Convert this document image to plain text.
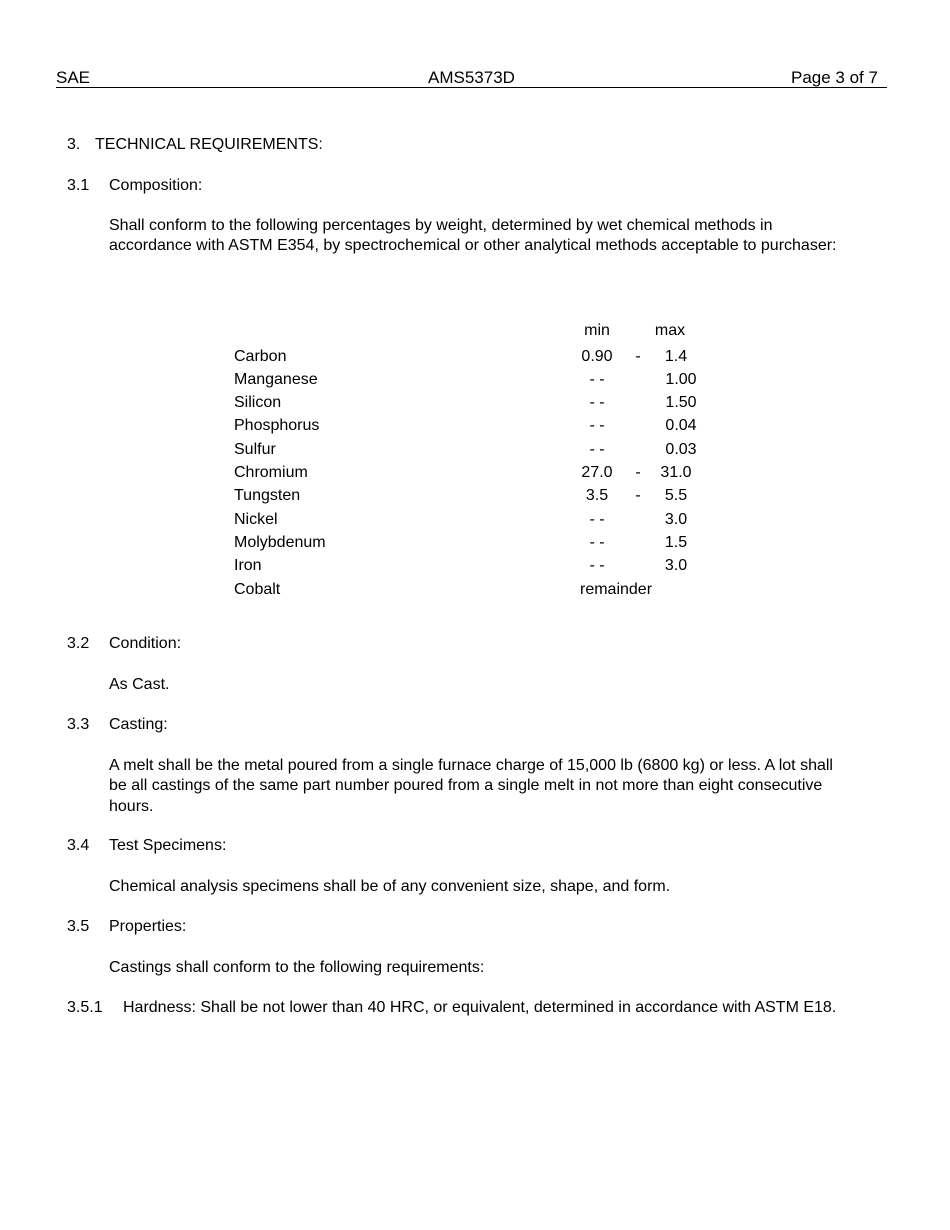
SAE	AMS5373D	Page 3 of 7
3. TECHNICAL REQUIREMENTS:
3.1 Composition:
Shall conform to the following percentages by weight, determined by wet chemical methods in accordance with ASTM E354, by spectrochemical or other analytical methods acceptable to purchaser:
min	max
Carbon	0.90	-	1.4
Manganese	- -	1.00
Silicon	- -	1.50
Phosphorus	- -	0.04
Sulfur	- -	0.03
Chromium	27.0	-	31.0
Tungsten	3.5	-	5.5
Nickel	- -	3.0
Molybdenum	- -	1.5
Iron	- -	3.0
Cobalt	remainder
3.2 Condition:
As Cast.
3.3 Casting:
A melt shall be the metal poured from a single furnace charge of 15,000 lb (6800 kg) or less. A lot shall be all castings of the same part number poured from a single melt in not more than eight consecutive hours.
3.4 Test Specimens:
Chemical analysis specimens shall be of any convenient size, shape, and form.
3.5 Properties:
Castings shall conform to the following requirements:
3.5.1 Hardness: Shall be not lower than 40 HRC, or equivalent, determined in accordance with ASTM E18.
